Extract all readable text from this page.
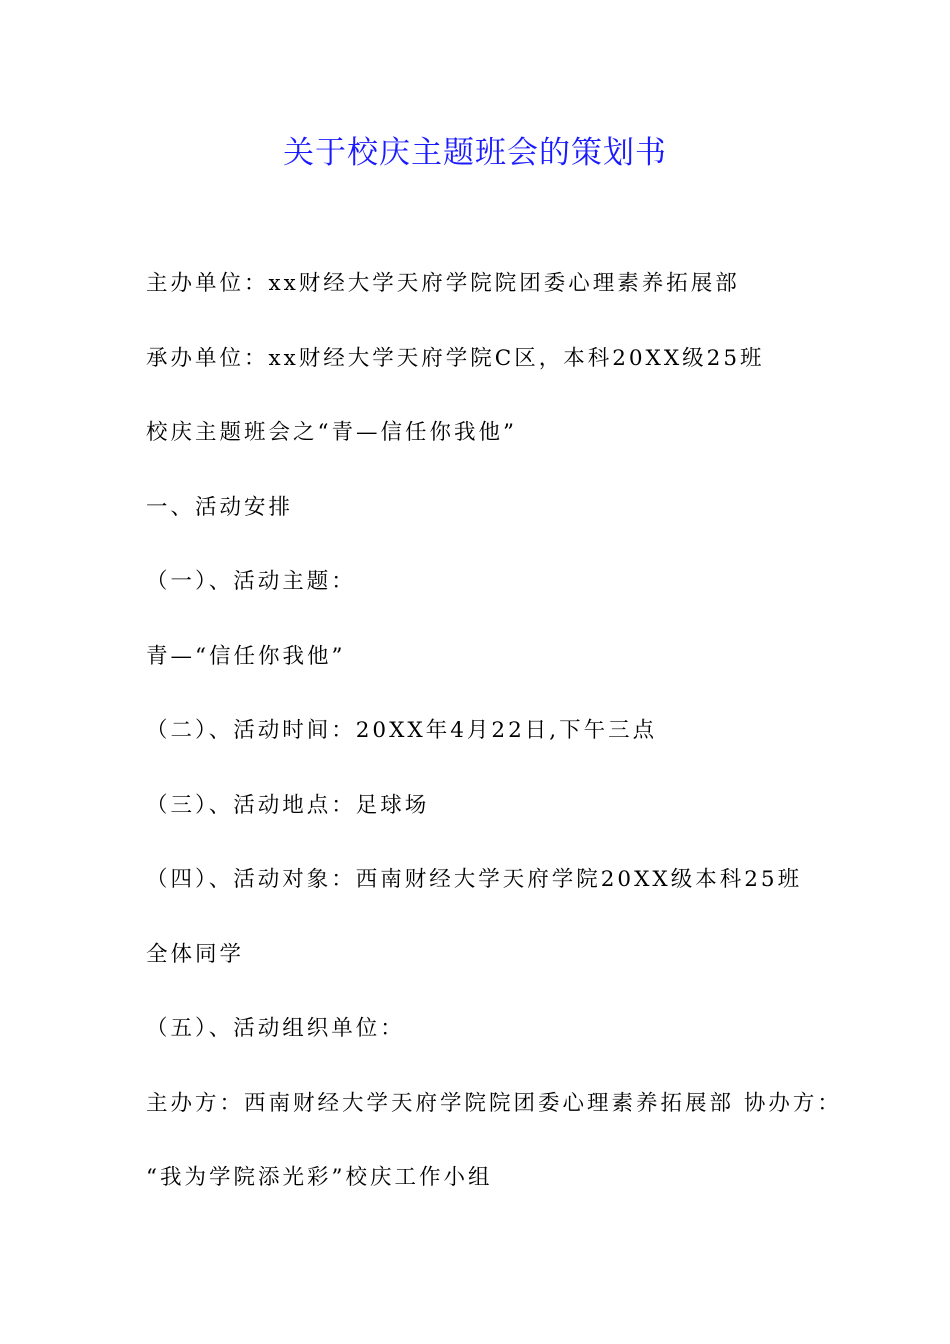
关于校庆主题班会的策划书
主办单位：xx财经大学天府学院院团委心理素养拓展部
承办单位：xx财经大学天府学院C区，本科20XX级25班
校庆主题班会之“青—信任你我他”
一、活动安排
（一）、活动主题：
青—“信任你我他”
（二）、活动时间：20XX年4月22日,下午三点
（三）、活动地点：足球场
（四）、活动对象：西南财经大学天府学院20XX级本科25班
全体同学
（五）、活动组织单位：
主办方：西南财经大学天府学院院团委心理素养拓展部 协办方：
“我为学院添光彩”校庆工作小组
